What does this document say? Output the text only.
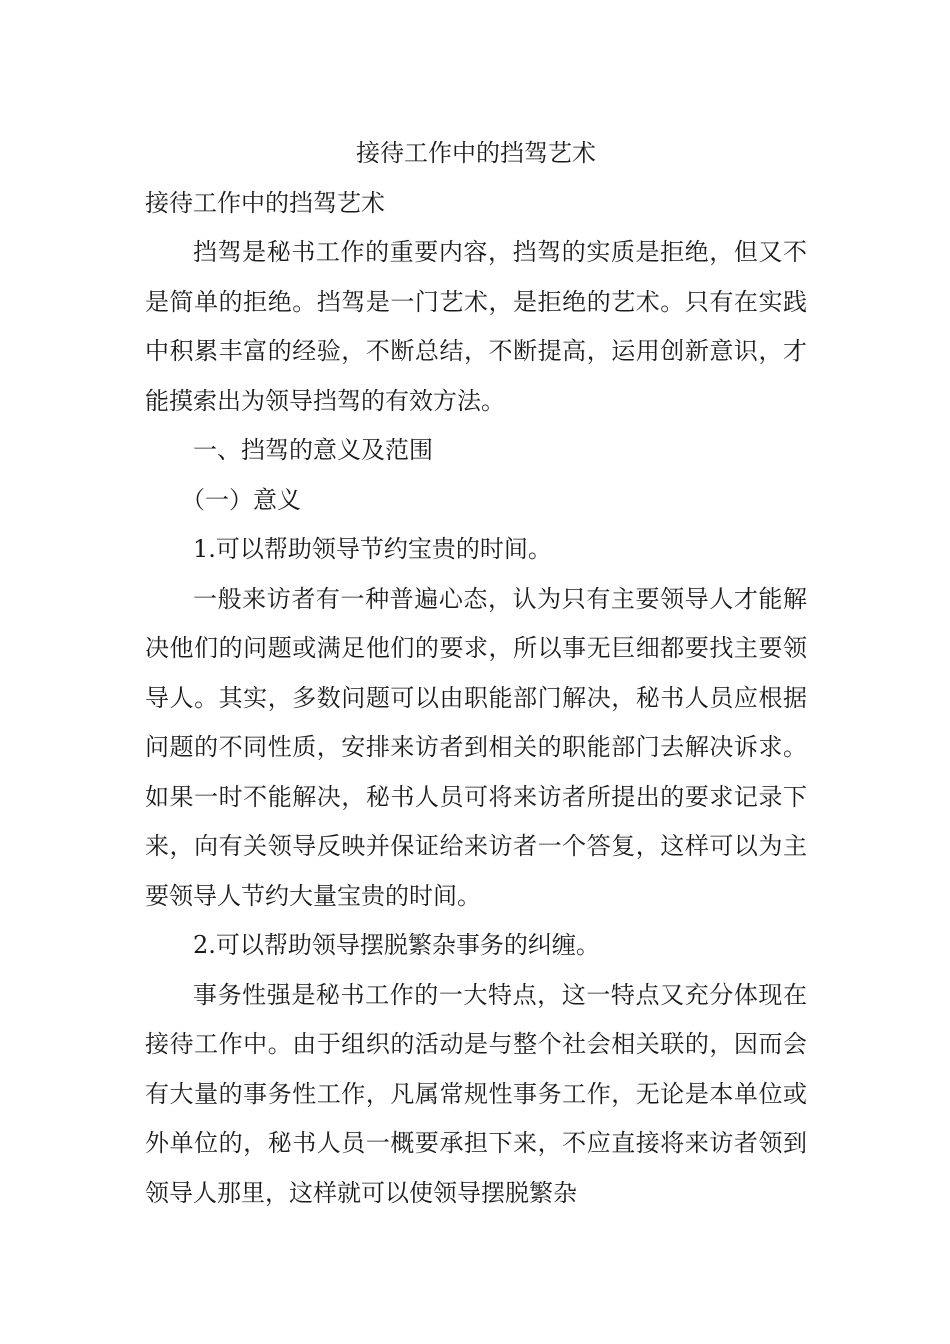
接待工作中的挡驾艺术

接待工作中的挡驾艺术

挡驾是秘书工作的重要内容，挡驾的实质是拒绝，但又不是简单的拒绝。挡驾是一门艺术，是拒绝的艺术。只有在实践中积累丰富的经验，不断总结，不断提高，运用创新意识，才能摸索出为领导挡驾的有效方法。

一、挡驾的意义及范围

（一）意义

1.可以帮助领导节约宝贵的时间。

一般来访者有一种普遍心态，认为只有主要领导人才能解决他们的问题或满足他们的要求，所以事无巨细都要找主要领导人。其实，多数问题可以由职能部门解决，秘书人员应根据问题的不同性质，安排来访者到相关的职能部门去解决诉求。如果一时不能解决，秘书人员可将来访者所提出的要求记录下来，向有关领导反映并保证给来访者一个答复，这样可以为主要领导人节约大量宝贵的时间。

2.可以帮助领导摆脱繁杂事务的纠缠。

事务性强是秘书工作的一大特点，这一特点又充分体现在接待工作中。由于组织的活动是与整个社会相关联的，因而会有大量的事务性工作，凡属常规性事务工作，无论是本单位或外单位的，秘书人员一概要承担下来，不应直接将来访者领到领导人那里，这样就可以使领导摆脱繁杂
